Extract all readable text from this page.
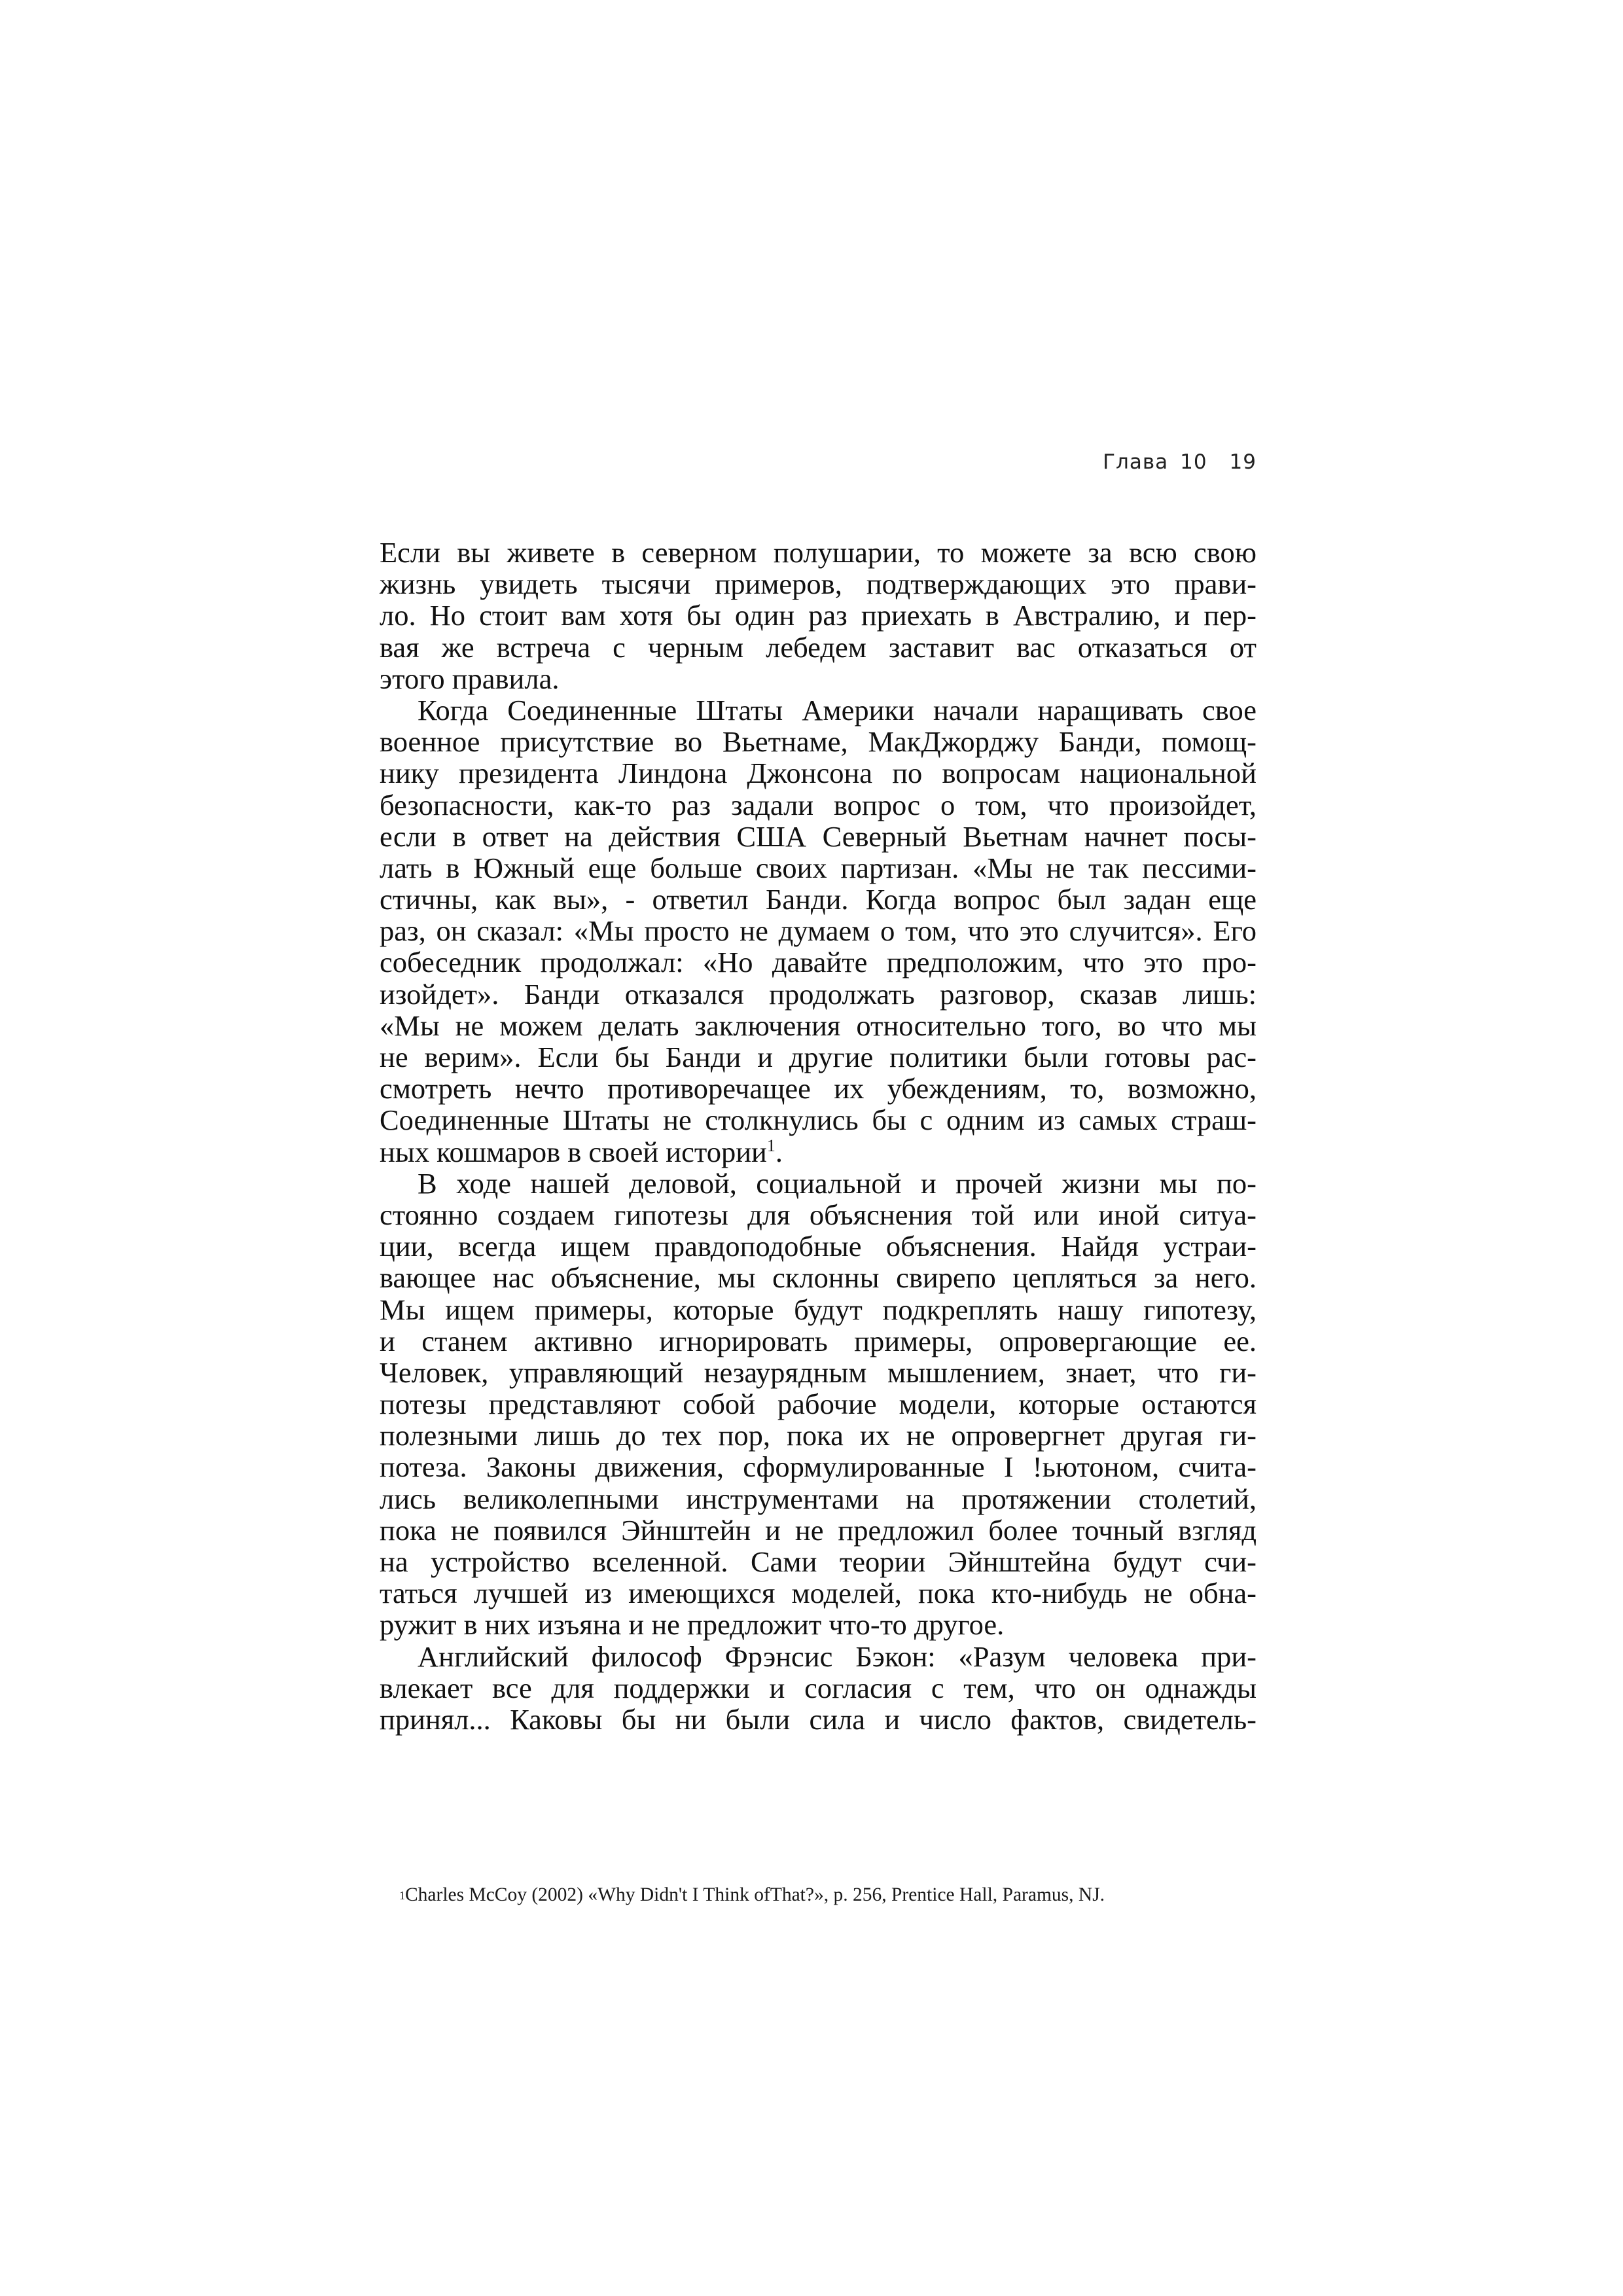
Глава 10 19

Если вы живете в северном полушарии, то можете за всю свою
жизнь увидеть тысячи примеров, подтверждающих это прави-
ло. Но стоит вам хотя бы один раз приехать в Австралию, и пер-
вая же встреча с черным лебедем заставит вас отказаться от
этого правила.

Когда Соединенные Штаты Америки начали наращивать свое
военное присутствие во Вьетнаме, МакДжорджу Банди, помощ-
нику президента Линдона Джонсона по вопросам национальной
безопасности, как-то раз задали вопрос о том, что произойдет,
если в ответ на действия США Северный Вьетнам начнет посы-
лать в Южный еще больше своих партизан. «Мы не так пессими-
стичны, как вы», - ответил Банди. Когда вопрос был задан еще
раз, он сказал: «Мы просто не думаем о том, что это случится». Его
собеседник продолжал: «Но давайте предположим, что это про-
изойдет». Банди отказался продолжать разговор, сказав лишь:
«Мы не можем делать заключения относительно того, во что мы
не верим». Если бы Банди и другие политики были готовы рас-
смотреть нечто противоречащее их убеждениям, то, возможно,
Соединенные Штаты не столкнулись бы с одним из самых страш-
ных кошмаров в своей истории$^1$.

В ходе нашей деловой, социальной и прочей жизни мы по-
стоянно создаем гипотезы для объяснения той или иной ситуа-
ции, всегда ищем правдоподобные объяснения. Найдя устраи-
вающее нас объяснение, мы склонны свирепо цепляться за него.
Мы ищем примеры, которые будут подкреплять нашу гипотезу,
и станем активно игнорировать примеры, опровергающие ее.
Человек, управляющий незаурядным мышлением, знает, что ги-
потезы представляют собой рабочие модели, которые остаются
полезными лишь до тех пор, пока их не опровергнет другая ги-
потеза. Законы движения, сформулированные I !ьютоном, счита-
лись великолепными инструментами на протяжении столетий,
пока не появился Эйнштейн и не предложил более точный взгляд
на устройство вселенной. Сами теории Эйнштейна будут счи-
таться лучшей из имеющихся моделей, пока кто-нибудь не обна-
ружит в них изъяна и не предложит что-то другое.

Английский философ Фрэнсис Бэкон: «Разум человека при-
влекает все для поддержки и согласия с тем, что он однажды
принял... Каковы бы ни были сила и число фактов, свидетель-

$^1$Charles McCoy (2002) «Why Didn't I Think ofThat?», p. 256, Prentice Hall, Paramus, NJ.
